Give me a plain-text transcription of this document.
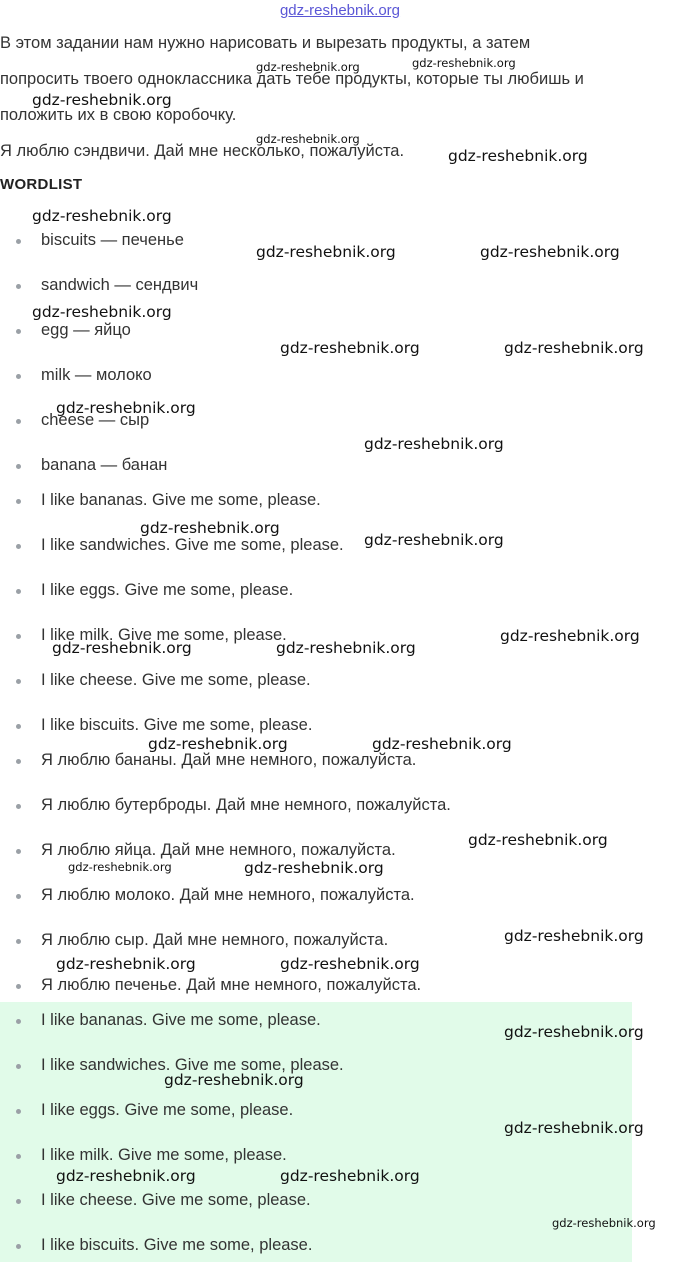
gdz-reshebnik.org

В этом задании нам нужно нарисовать и вырезать продукты, а затем

попросить твоего одноклассника дать тебе продукты, которые ты любишь и

положить их в свою коробочку.

Я люблю сэндвичи. Дай мне несколько, пожалуйста.

WORDLIST
biscuits — печенье
sandwich — сендвич
egg — яйцо
milk — молоко
cheese — сыр
banana — банан
I like bananas. Give me some, please.
I like sandwiches. Give me some, please.
I like eggs. Give me some, please.
I like milk. Give me some, please.
I like cheese. Give me some, please.
I like biscuits. Give me some, please.
Я люблю бананы. Дай мне немного, пожалуйста.
Я люблю бутерброды. Дай мне немного, пожалуйста.
Я люблю яйца. Дай мне немного, пожалуйста.
Я люблю молоко. Дай мне немного, пожалуйста.
Я люблю сыр. Дай мне немного, пожалуйста.
Я люблю печенье. Дай мне немного, пожалуйста.
I like bananas. Give me some, please.
I like sandwiches. Give me some, please.
I like eggs. Give me some, please.
I like milk. Give me some, please.
I like cheese. Give me some, please.
I like biscuits. Give me some, please.
gdz-reshebnik.org	gdz-reshebnik.org
gdz-reshebnik.org
gdz-reshebnik.org
gdz-reshebnik.org
gdz-reshebnik.org
gdz-reshebnik.org	gdz-reshebnik.org
gdz-reshebnik.org
gdz-reshebnik.org	gdz-reshebnik.org
gdz-reshebnik.org
gdz-reshebnik.org
gdz-reshebnik.org
gdz-reshebnik.org
gdz-reshebnik.org
gdz-reshebnik.org	gdz-reshebnik.org
gdz-reshebnik.org	gdz-reshebnik.org
gdz-reshebnik.org
gdz-reshebnik.org	gdz-reshebnik.org
gdz-reshebnik.org
gdz-reshebnik.org	gdz-reshebnik.org
gdz-reshebnik.org
gdz-reshebnik.org
gdz-reshebnik.org
gdz-reshebnik.org	gdz-reshebnik.org
gdz-reshebnik.org
